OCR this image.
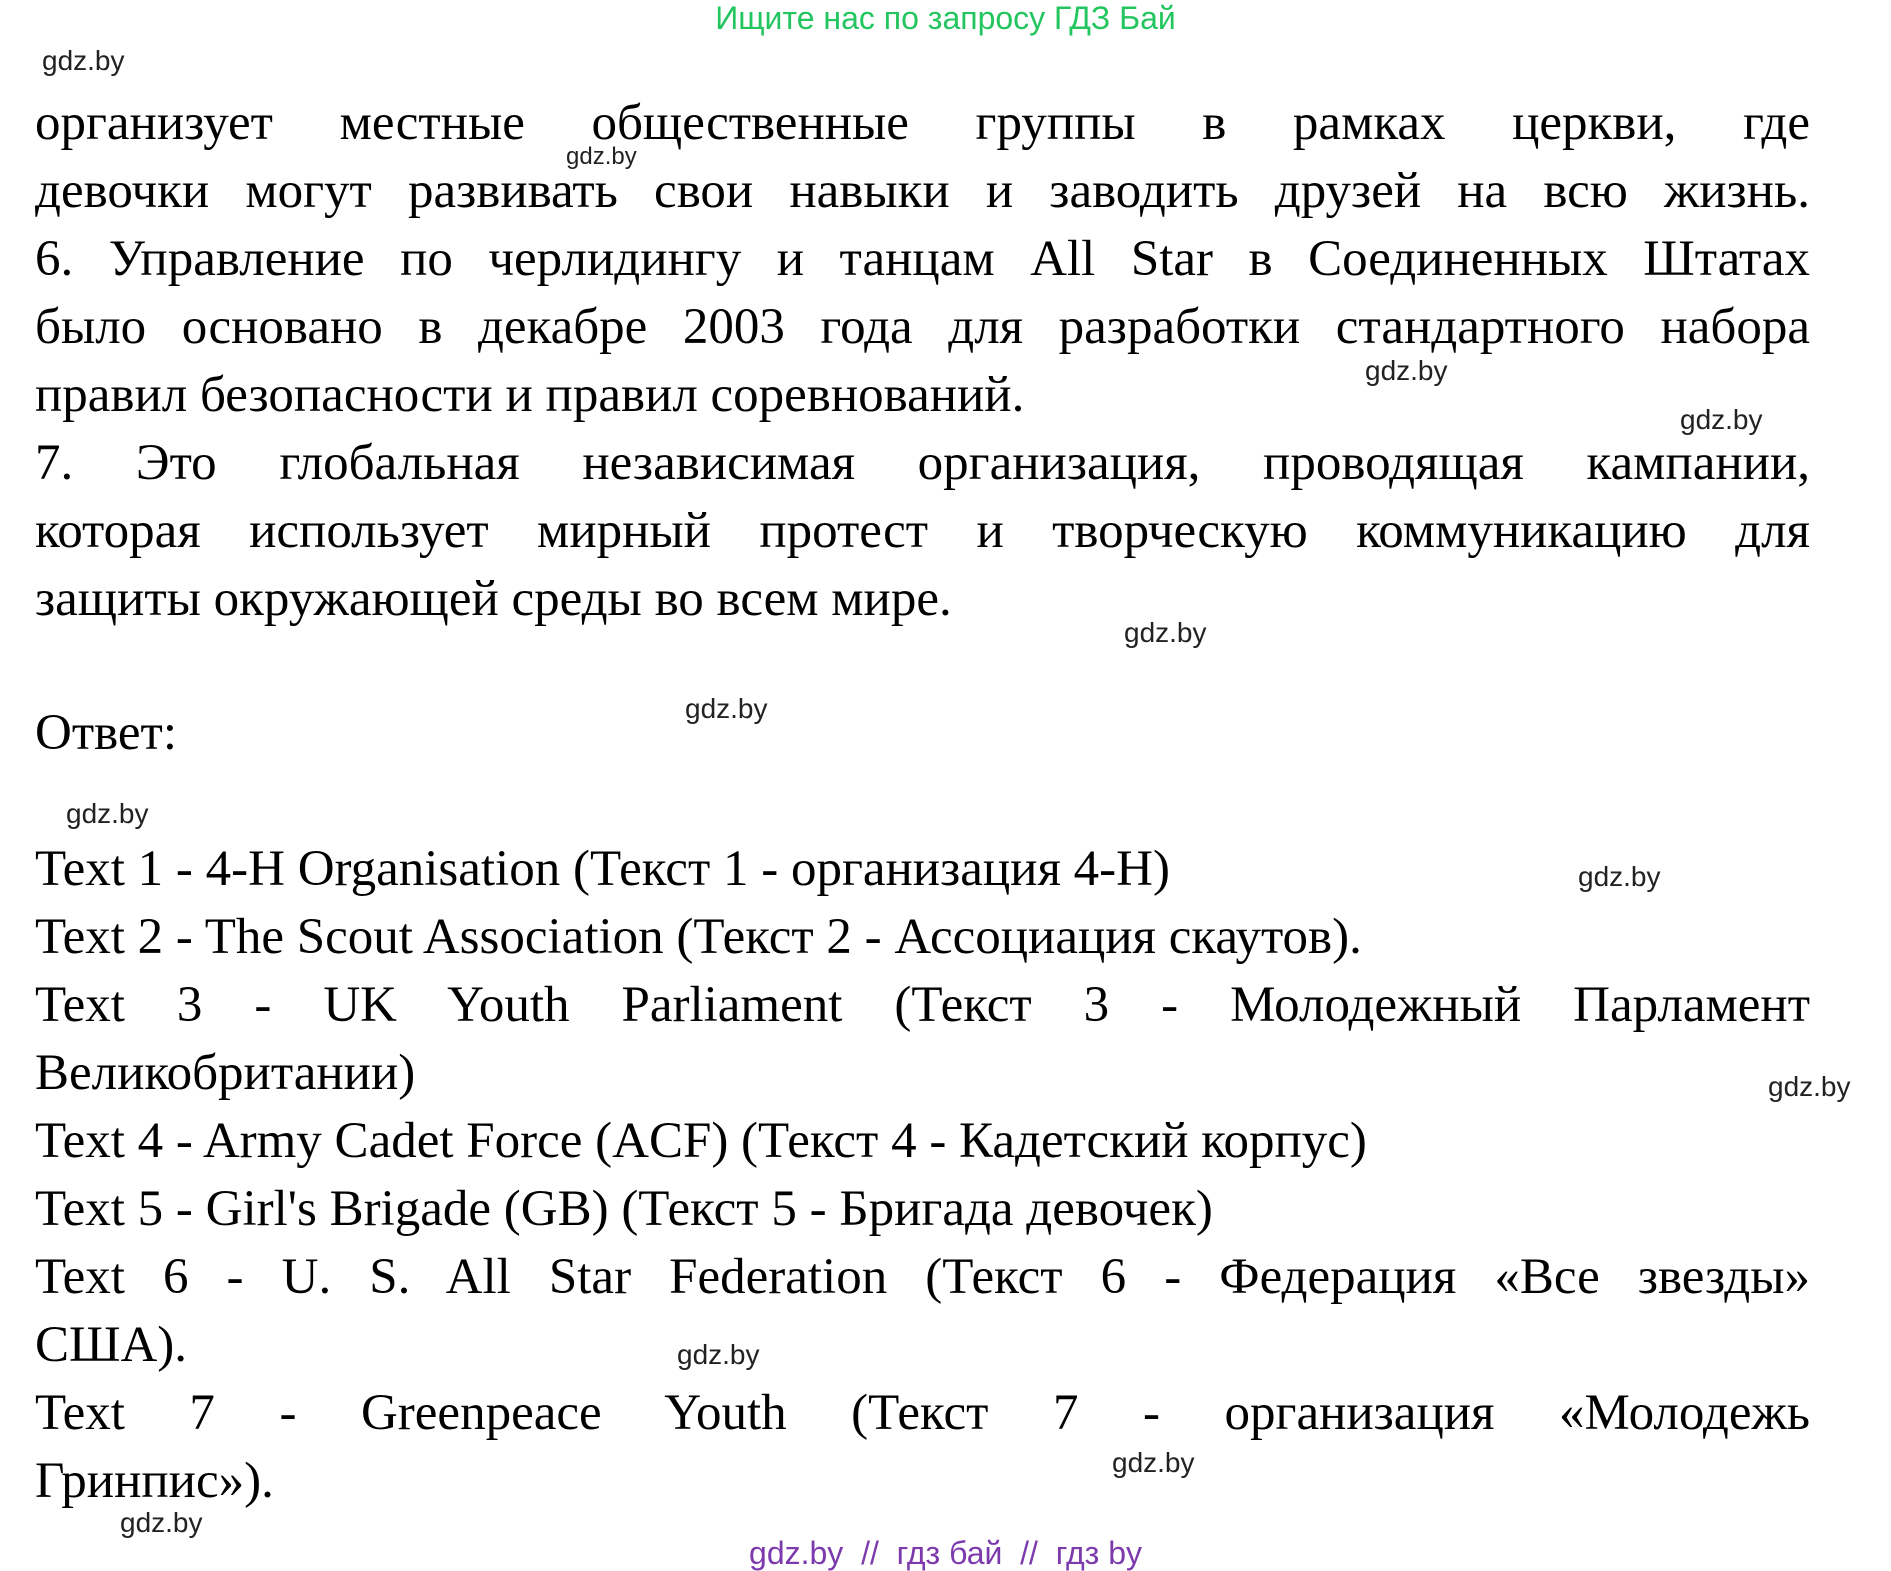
Ищите нас по запросу ГДЗ Бай
gdz.by
gdz.by
gdz.by
gdz.by
gdz.by
gdz.by
gdz.by
gdz.by
gdz.by
gdz.by
gdz.by
gdz.by
организует местные общественные группы в рамках церкви, где
девочки могут развивать свои навыки и заводить друзей на всю жизнь.
6. Управление по черлидингу и танцам All Star в Соединенных Штатах
было основано в декабре 2003 года для разработки стандартного набора
правил безопасности и правил соревнований.
7. Это глобальная независимая организация, проводящая кампании,
которая использует мирный протест и творческую коммуникацию для
защиты окружающей среды во всем мире.
Ответ:
Text 1 - 4-H Organisation (Текст 1 - организация 4-H)
Text 2 - The Scout Association (Текст 2 - Ассоциация скаутов).
Text 3 - UK Youth Parliament (Текст 3 - Молодежный Парламент
Великобритании)
Text 4 - Army Cadet Force (ACF) (Текст 4 - Кадетский корпус)
Text 5 - Girl's Brigade (GB) (Текст 5 - Бригада девочек)
Text 6 - U. S. All Star Federation (Текст 6 - Федерация «Все звезды»
США).
Text 7 - Greenpeace Youth (Текст 7 - организация «Молодежь
Гринпис»).
gdz.by  //  гдз бай  //  гдз by
